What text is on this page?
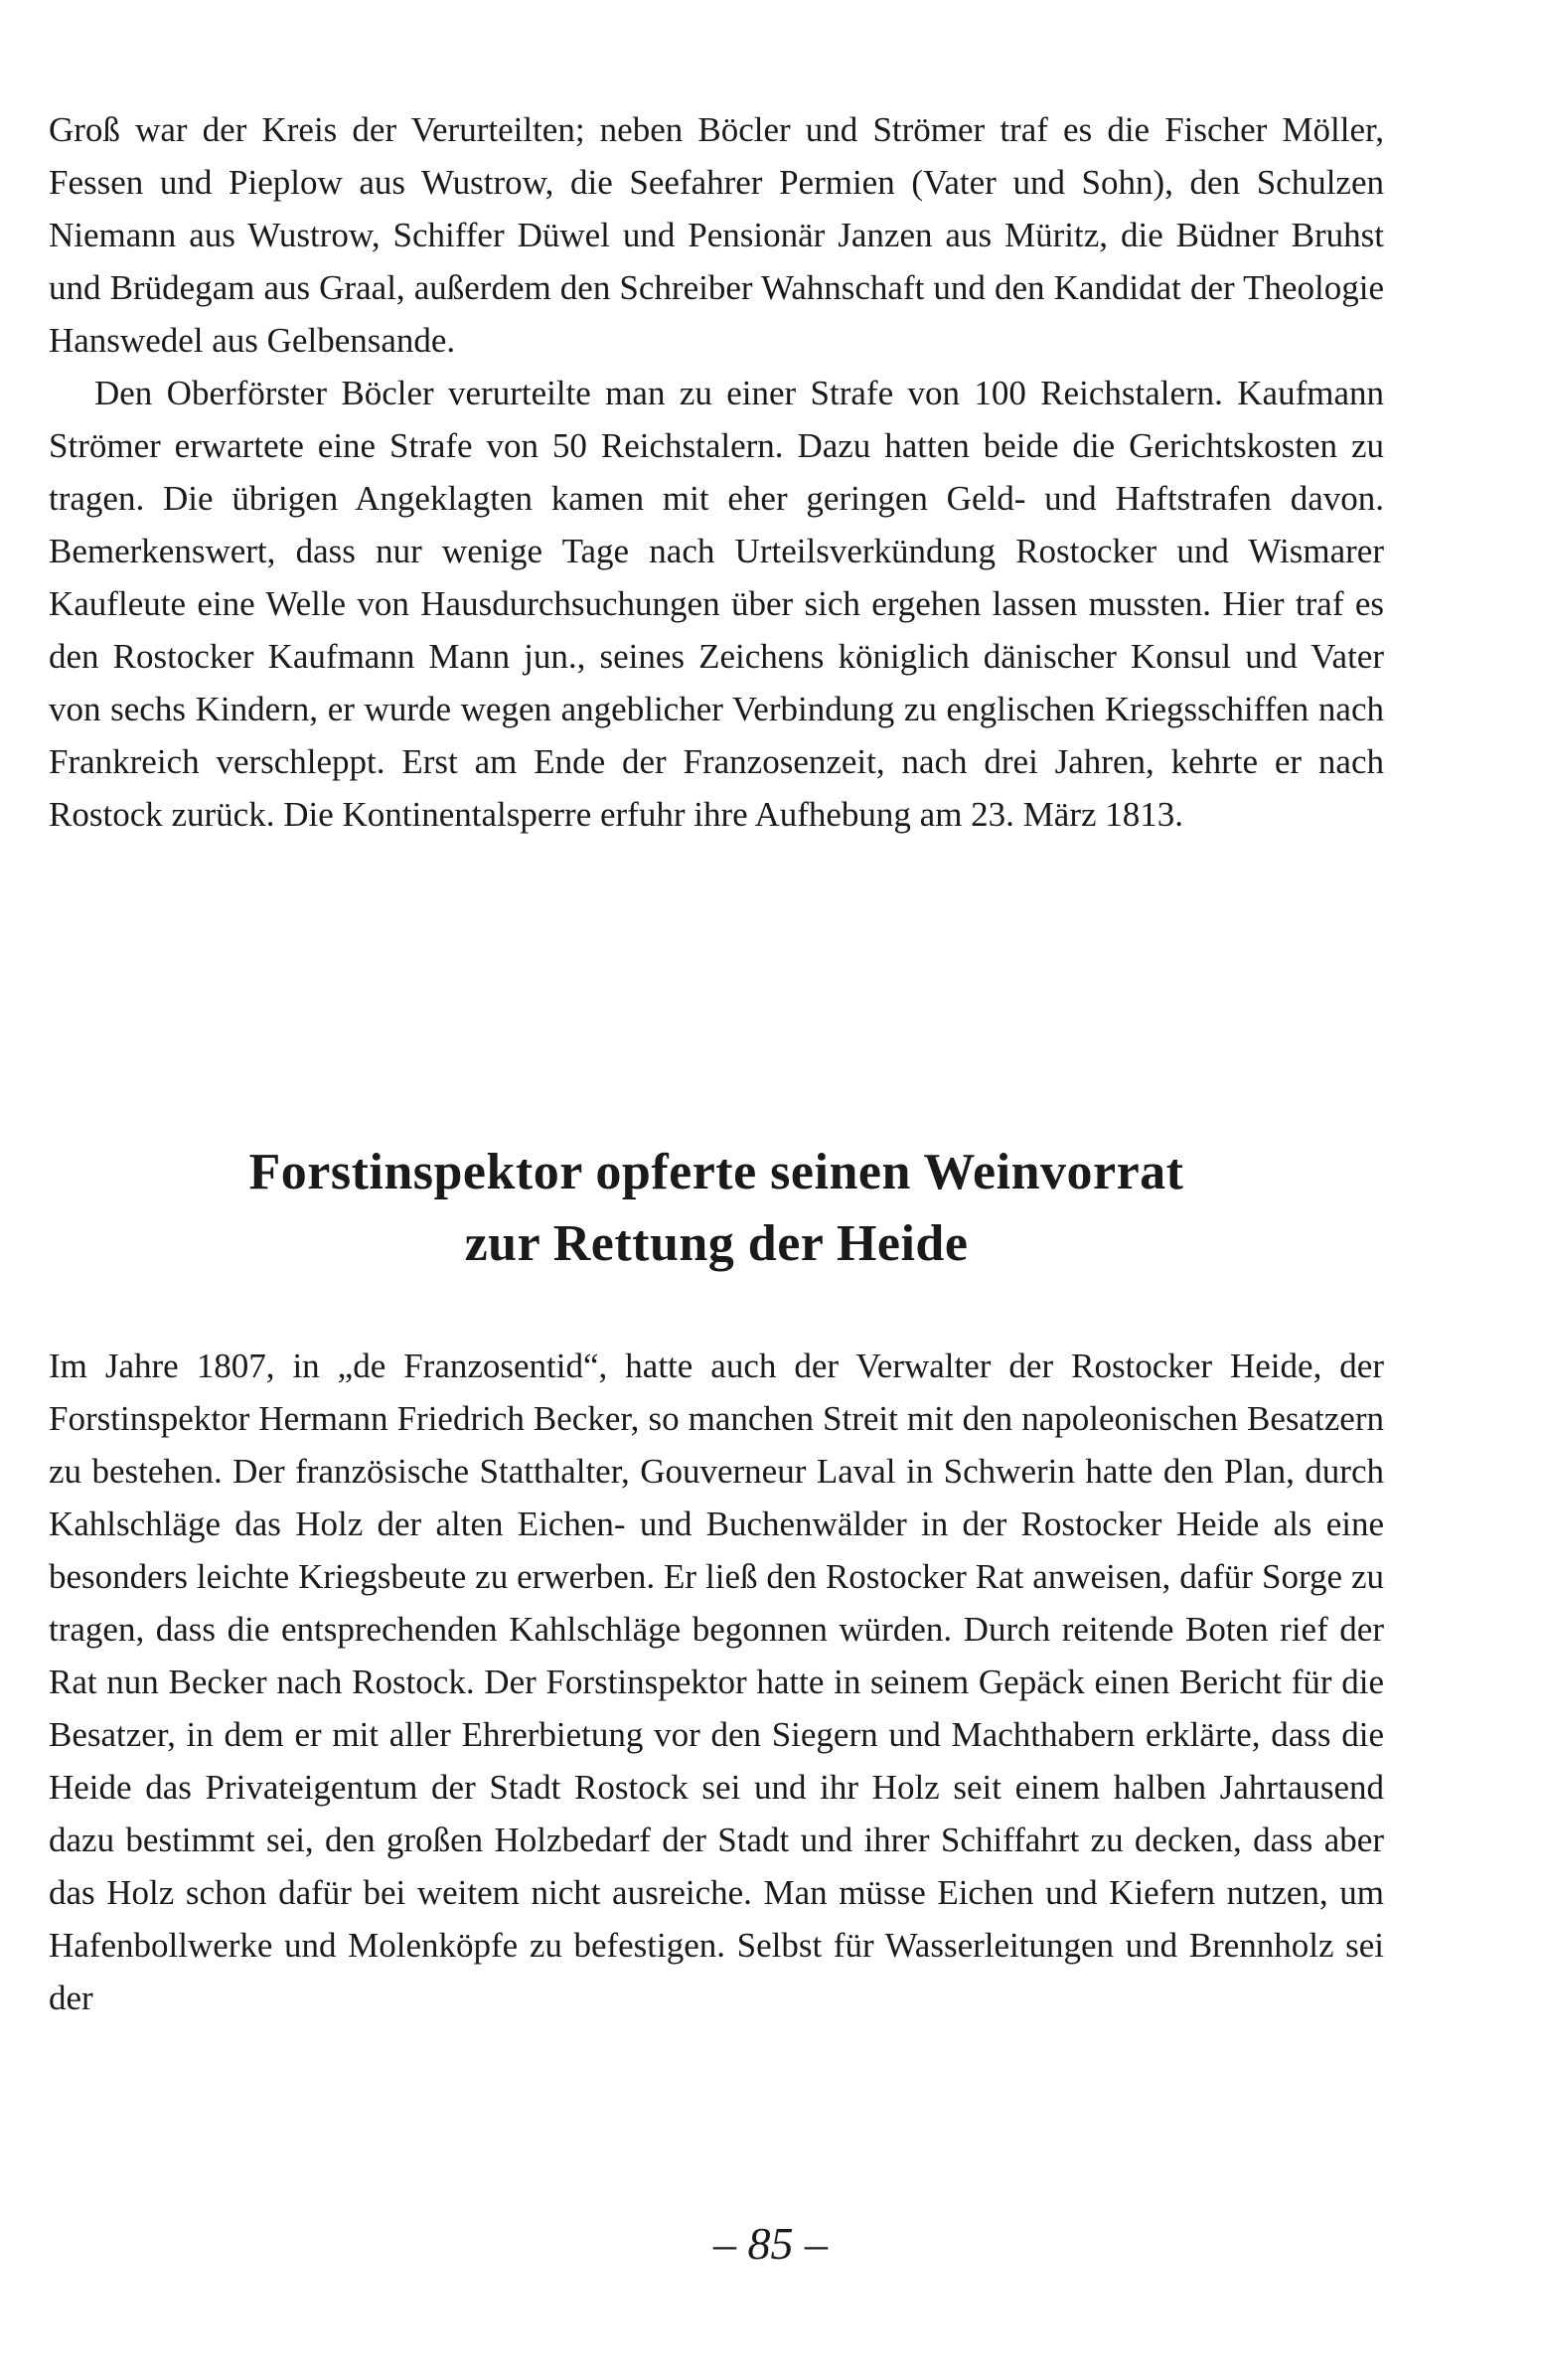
Groß war der Kreis der Verurteilten; neben Böcler und Strömer traf es die Fischer Möller, Fessen und Pieplow aus Wustrow, die Seefahrer Permien (Vater und Sohn), den Schulzen Niemann aus Wustrow, Schiffer Düwel und Pensionär Janzen aus Müritz, die Büdner Bruhst und Brüdegam aus Graal, außerdem den Schreiber Wahnschaft und den Kandidat der Theologie Hanswedel aus Gelbensande.

Den Oberförster Böcler verurteilte man zu einer Strafe von 100 Reichstalern. Kaufmann Strömer erwartete eine Strafe von 50 Reichstalern. Dazu hatten beide die Gerichtskosten zu tragen. Die übrigen Angeklagten kamen mit eher geringen Geld- und Haftstrafen davon. Bemerkenswert, dass nur wenige Tage nach Urteilsverkündung Rostocker und Wismarer Kaufleute eine Welle von Hausdurchsuchungen über sich ergehen lassen mussten. Hier traf es den Rostocker Kaufmann Mann jun., seines Zeichens königlich dänischer Konsul und Vater von sechs Kindern, er wurde wegen angeblicher Verbindung zu englischen Kriegsschiffen nach Frankreich verschleppt. Erst am Ende der Franzosenzeit, nach drei Jahren, kehrte er nach Rostock zurück. Die Kontinentalsperre erfuhr ihre Aufhebung am 23. März 1813.

Forstinspektor opferte seinen Weinvorrat
zur Rettung der Heide

Im Jahre 1807, in „de Franzosentid“, hatte auch der Verwalter der Rostocker Heide, der Forstinspektor Hermann Friedrich Becker, so manchen Streit mit den napoleonischen Besatzern zu bestehen. Der französische Statthalter, Gouverneur Laval in Schwerin hatte den Plan, durch Kahlschläge das Holz der alten Eichen- und Buchenwälder in der Rostocker Heide als eine besonders leichte Kriegsbeute zu erwerben. Er ließ den Rostocker Rat anweisen, dafür Sorge zu tragen, dass die entsprechenden Kahlschläge begonnen würden. Durch reitende Boten rief der Rat nun Becker nach Rostock. Der Forstinspektor hatte in seinem Gepäck einen Bericht für die Besatzer, in dem er mit aller Ehrerbietung vor den Siegern und Machthabern erklärte, dass die Heide das Privateigentum der Stadt Rostock sei und ihr Holz seit einem halben Jahrtausend dazu bestimmt sei, den großen Holzbedarf der Stadt und ihrer Schiffahrt zu decken, dass aber das Holz schon dafür bei weitem nicht ausreiche. Man müsse Eichen und Kiefern nutzen, um Hafenbollwerke und Molenköpfe zu befestigen. Selbst für Wasserleitungen und Brennholz sei der

– 85 –
